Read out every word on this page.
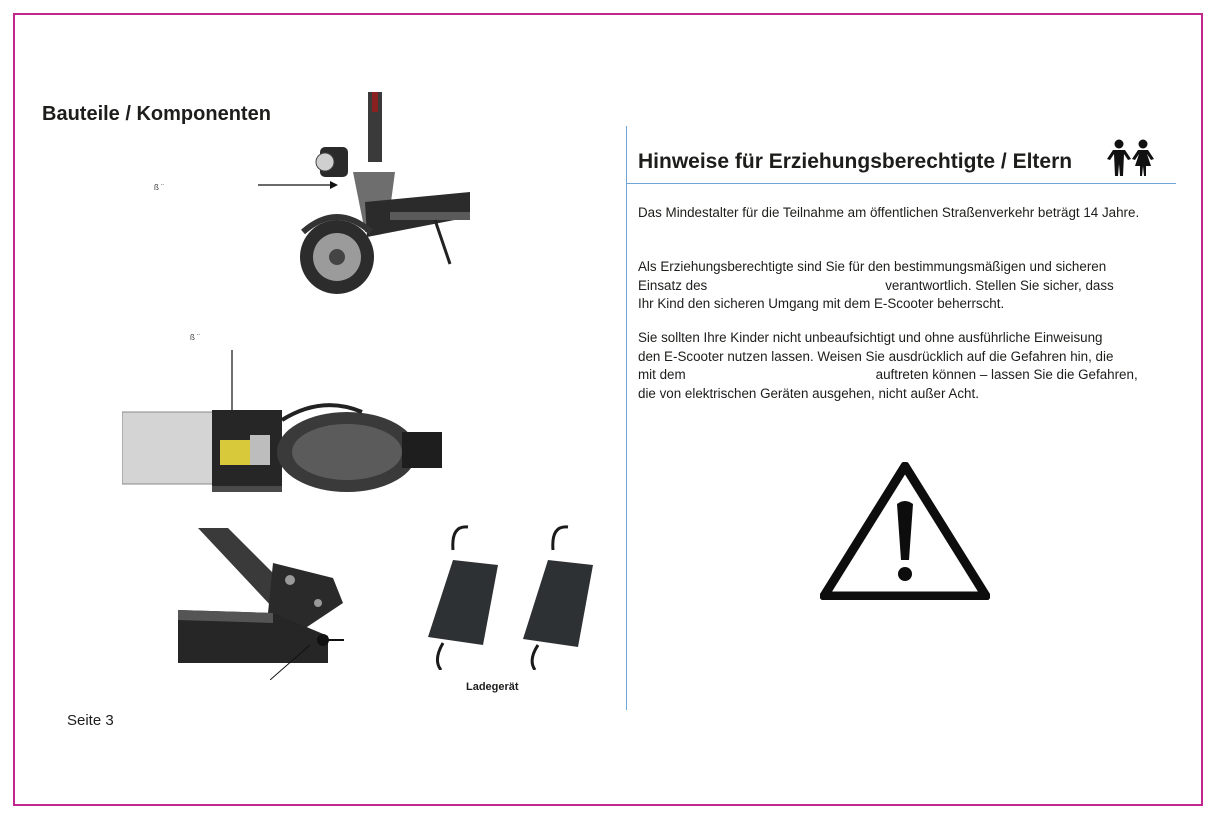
Bauteile / Komponenten
ß ¨
ß ¨
Ladegerät
Seite 3
Hinweise für Erziehungsberechtigte / Eltern

Das Mindestalter für die Teilnahme am öffentlichen Straßenverkehr beträgt 14 Jahre.

Als Erziehungsberechtigte sind Sie für den bestimmungsmäßigen und sicheren
Einsatz des	verantwortlich. Stellen Sie sicher, dass
Ihr Kind den sicheren Umgang mit dem E-Scooter beherrscht.

Sie sollten Ihre Kinder nicht unbeaufsichtigt und ohne ausführliche Einweisung
den E-Scooter nutzen lassen. Weisen Sie ausdrücklich auf die Gefahren hin, die
mit dem	auftreten können – lassen Sie die Gefahren,
die von elektrischen Geräten ausgehen, nicht außer Acht.
